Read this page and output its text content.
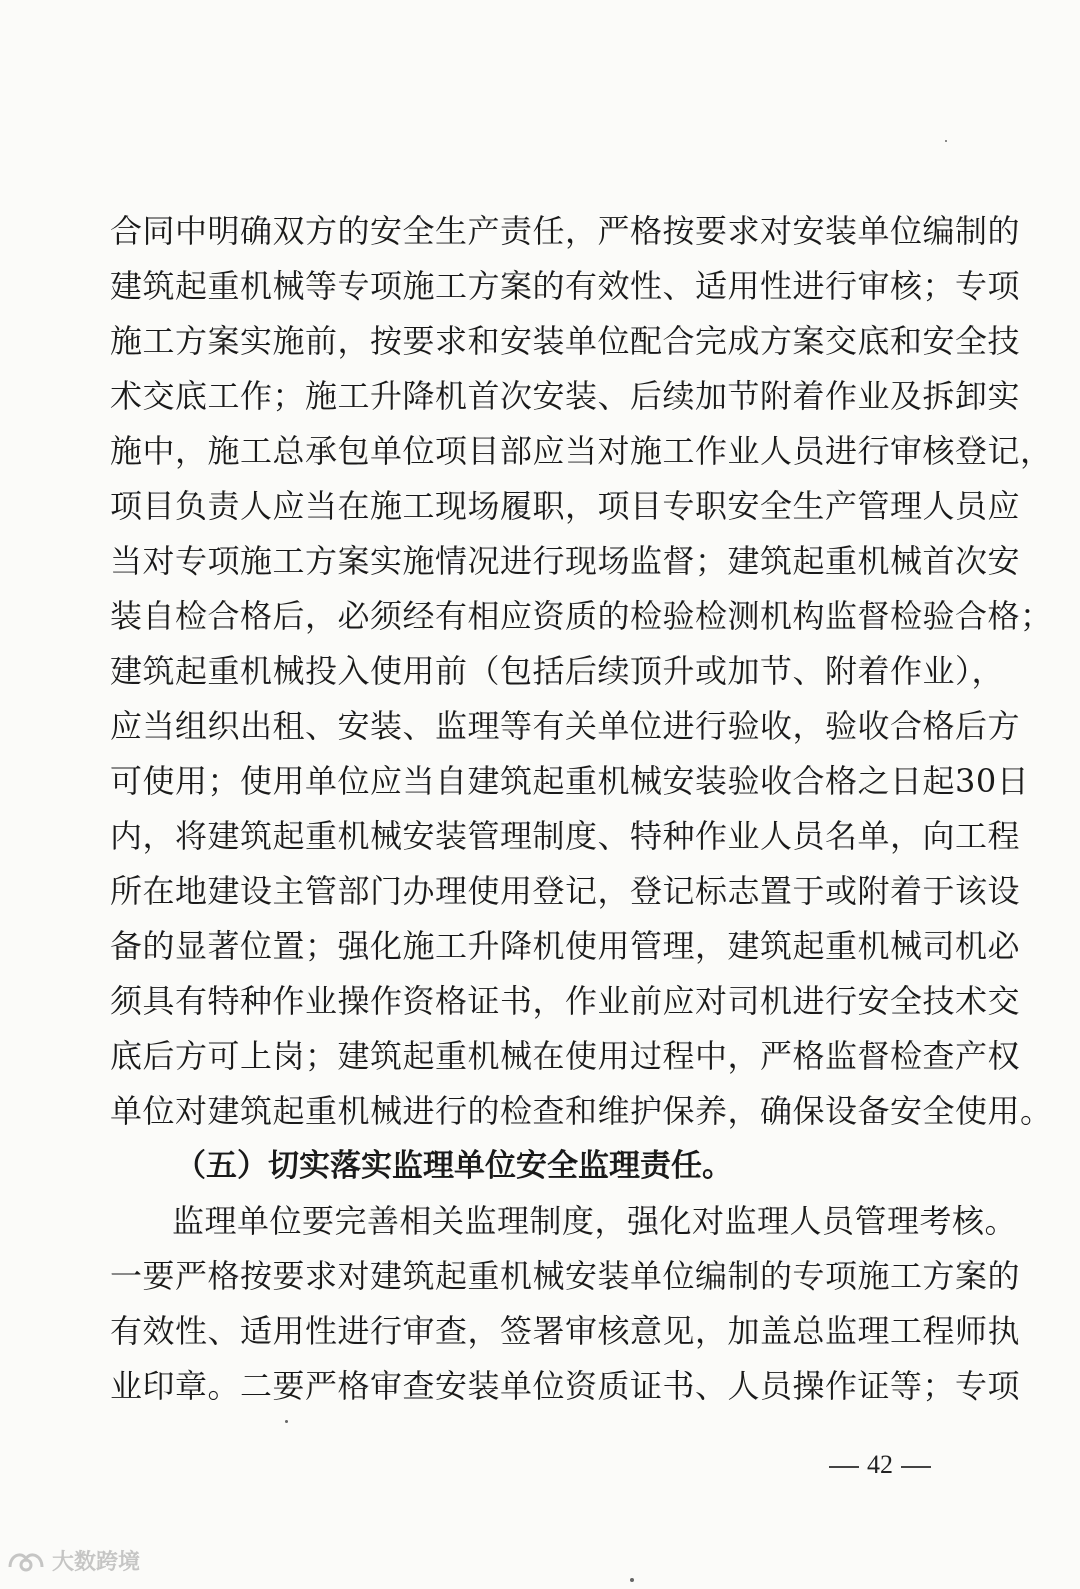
合同中明确双方的安全生产责任，严格按要求对安装单位编制的
建筑起重机械等专项施工方案的有效性、适用性进行审核；专项
施工方案实施前，按要求和安装单位配合完成方案交底和安全技
术交底工作；施工升降机首次安装、后续加节附着作业及拆卸实
施中，施工总承包单位项目部应当对施工作业人员进行审核登记，
项目负责人应当在施工现场履职，项目专职安全生产管理人员应
当对专项施工方案实施情况进行现场监督；建筑起重机械首次安
装自检合格后，必须经有相应资质的检验检测机构监督检验合格；
建筑起重机械投入使用前（包括后续顶升或加节、附着作业），
应当组织出租、安装、监理等有关单位进行验收，验收合格后方
可使用；使用单位应当自建筑起重机械安装验收合格之日起30日
内，将建筑起重机械安装管理制度、特种作业人员名单，向工程
所在地建设主管部门办理使用登记，登记标志置于或附着于该设
备的显著位置；强化施工升降机使用管理，建筑起重机械司机必
须具有特种作业操作资格证书，作业前应对司机进行安全技术交
底后方可上岗；建筑起重机械在使用过程中，严格监督检查产权
单位对建筑起重机械进行的检查和维护保养，确保设备安全使用。
（五）切实落实监理单位安全监理责任。
监理单位要完善相关监理制度，强化对监理人员管理考核。
一要严格按要求对建筑起重机械安装单位编制的专项施工方案的
有效性、适用性进行审查，签署审核意见，加盖总监理工程师执
业印章。二要严格审查安装单位资质证书、人员操作证等；专项
42
大数跨境
